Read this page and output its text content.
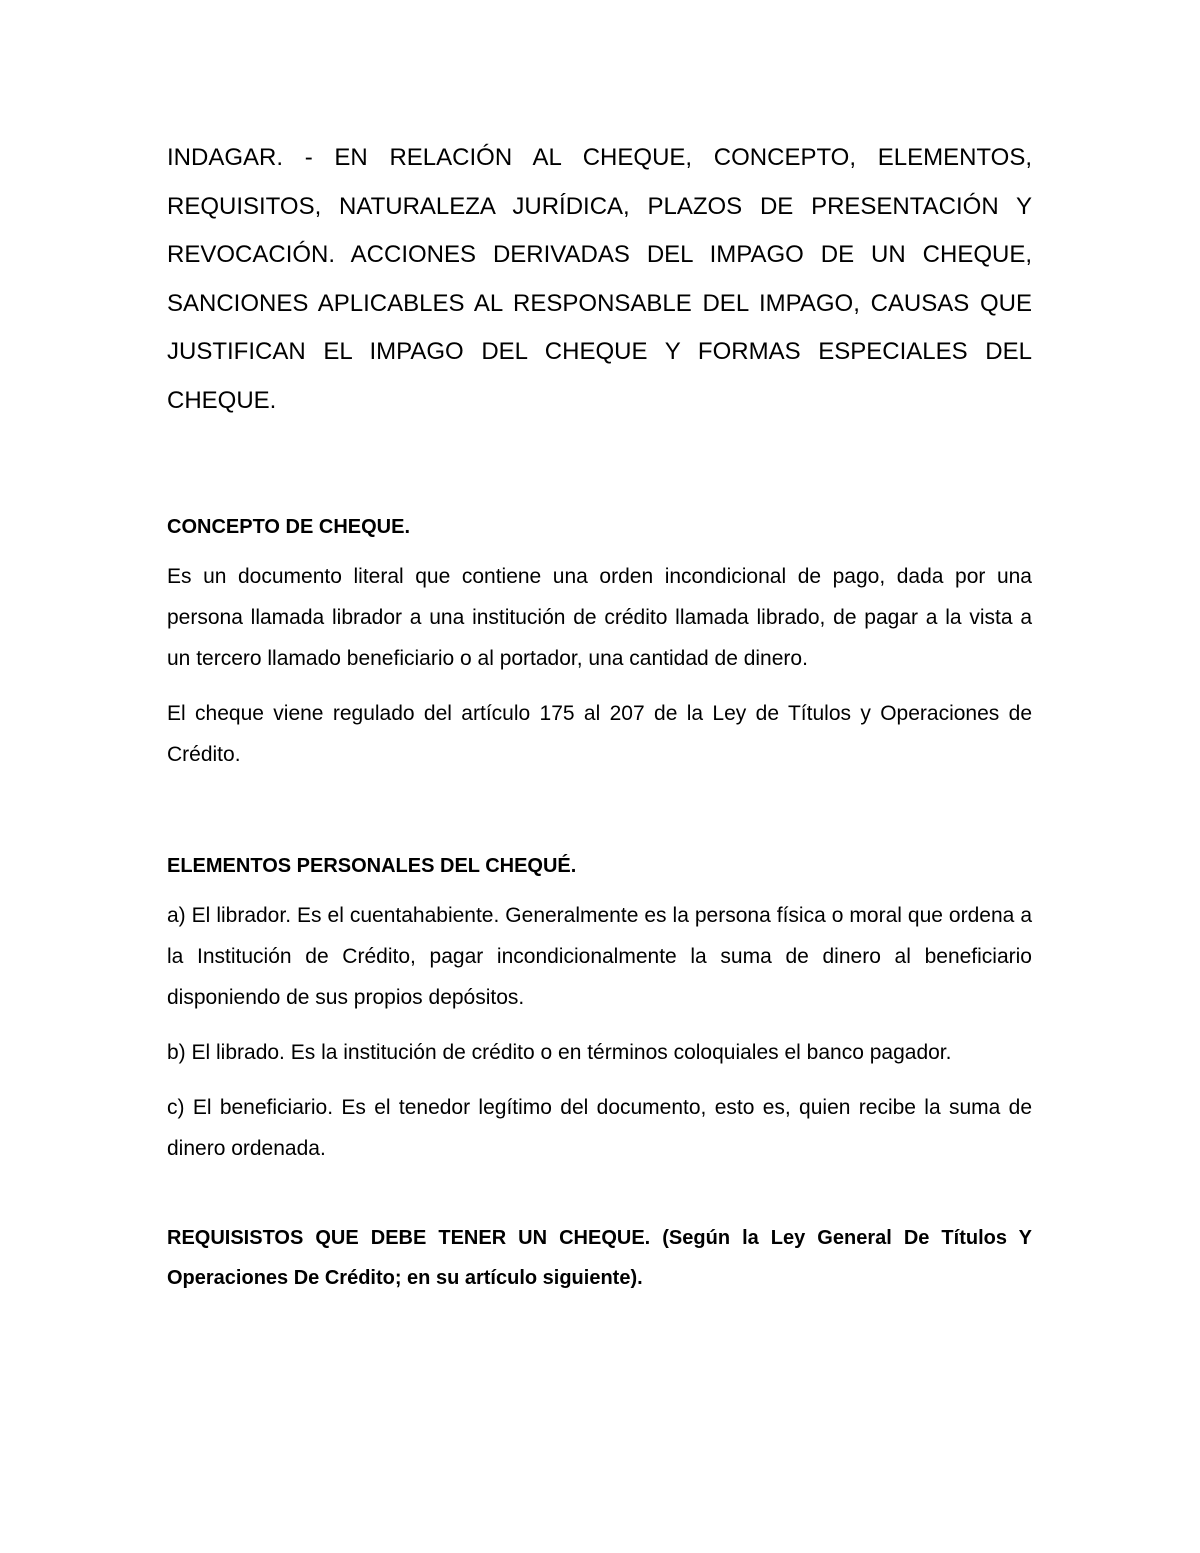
INDAGAR. - EN RELACIÓN AL CHEQUE, CONCEPTO, ELEMENTOS, REQUISITOS, NATURALEZA JURÍDICA, PLAZOS DE PRESENTACIÓN Y REVOCACIÓN. ACCIONES DERIVADAS DEL IMPAGO DE UN CHEQUE, SANCIONES APLICABLES AL RESPONSABLE DEL IMPAGO, CAUSAS QUE JUSTIFICAN EL IMPAGO DEL CHEQUE Y FORMAS ESPECIALES DEL CHEQUE.

CONCEPTO DE CHEQUE.

Es un documento literal que contiene una orden incondicional de pago, dada por una persona llamada librador a una institución de crédito llamada librado, de pagar a la vista a un tercero llamado beneficiario o al portador, una cantidad de dinero.

El cheque viene regulado del artículo 175 al 207 de la Ley de Títulos y Operaciones de Crédito.

ELEMENTOS PERSONALES DEL CHEQUÉ.

a) El librador. Es el cuentahabiente. Generalmente es la persona física o moral que ordena a la Institución de Crédito, pagar incondicionalmente la suma de dinero al beneficiario disponiendo de sus propios depósitos.

b) El librado. Es la institución de crédito o en términos coloquiales el banco pagador.

c) El beneficiario. Es el tenedor legítimo del documento, esto es, quien recibe la suma de dinero ordenada.

REQUISISTOS QUE DEBE TENER UN CHEQUE. (Según la Ley General De Títulos Y Operaciones De Crédito; en su artículo siguiente).
